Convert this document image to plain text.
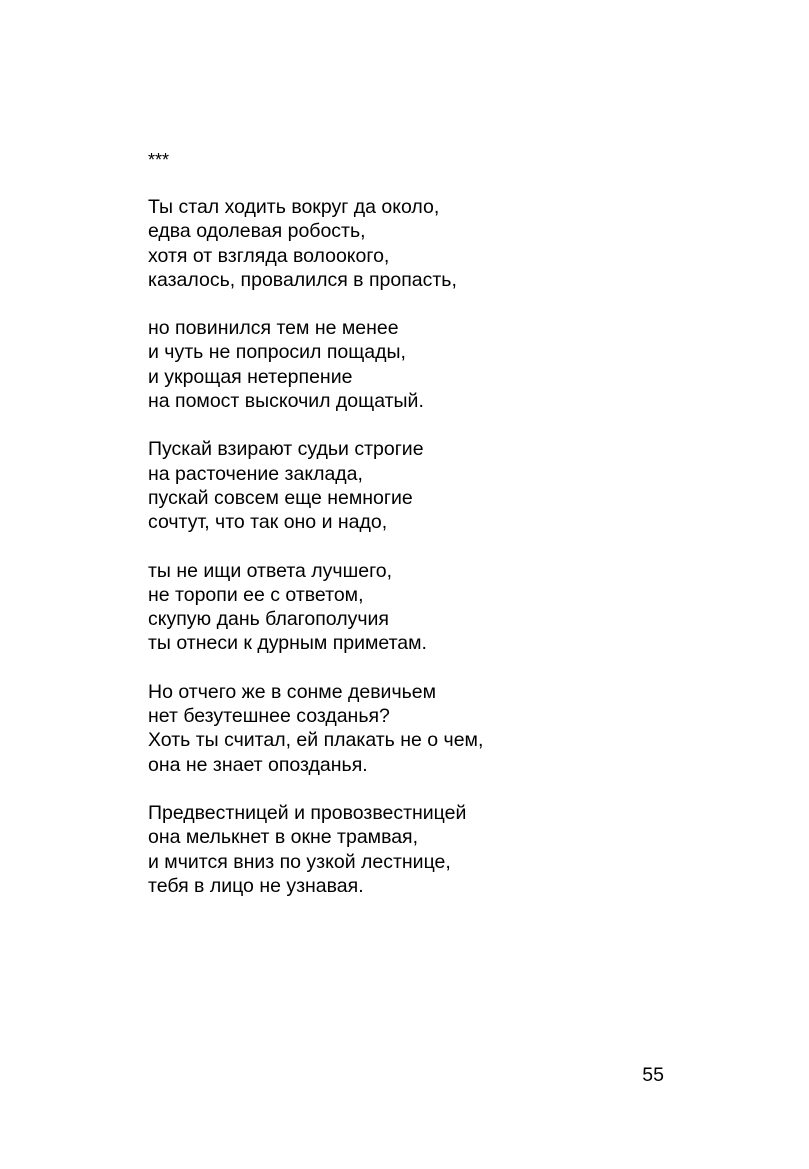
***
Ты стал ходить вокруг да около,
едва одолевая робость,
хотя от взгляда волоокого,
казалось, провалился в пропасть,
но повинился тем не менее
и чуть не попросил пощады,
и укрощая нетерпение
на помост выскочил дощатый.
Пускай взирают судьи строгие
на расточение заклада,
пускай совсем еще немногие
сочтут, что так оно и надо,
ты не ищи ответа лучшего,
не торопи ее с ответом,
скупую дань благополучия
ты отнеси к дурным приметам.
Но отчего же в сонме девичьем
нет безутешнее созданья?
Хоть ты считал, ей плакать не о чем,
она не знает опозданья.
Предвестницей и провозвестницей
она мелькнет в окне трамвая,
и мчится вниз по узкой лестнице,
тебя в лицо не узнавая.
55
